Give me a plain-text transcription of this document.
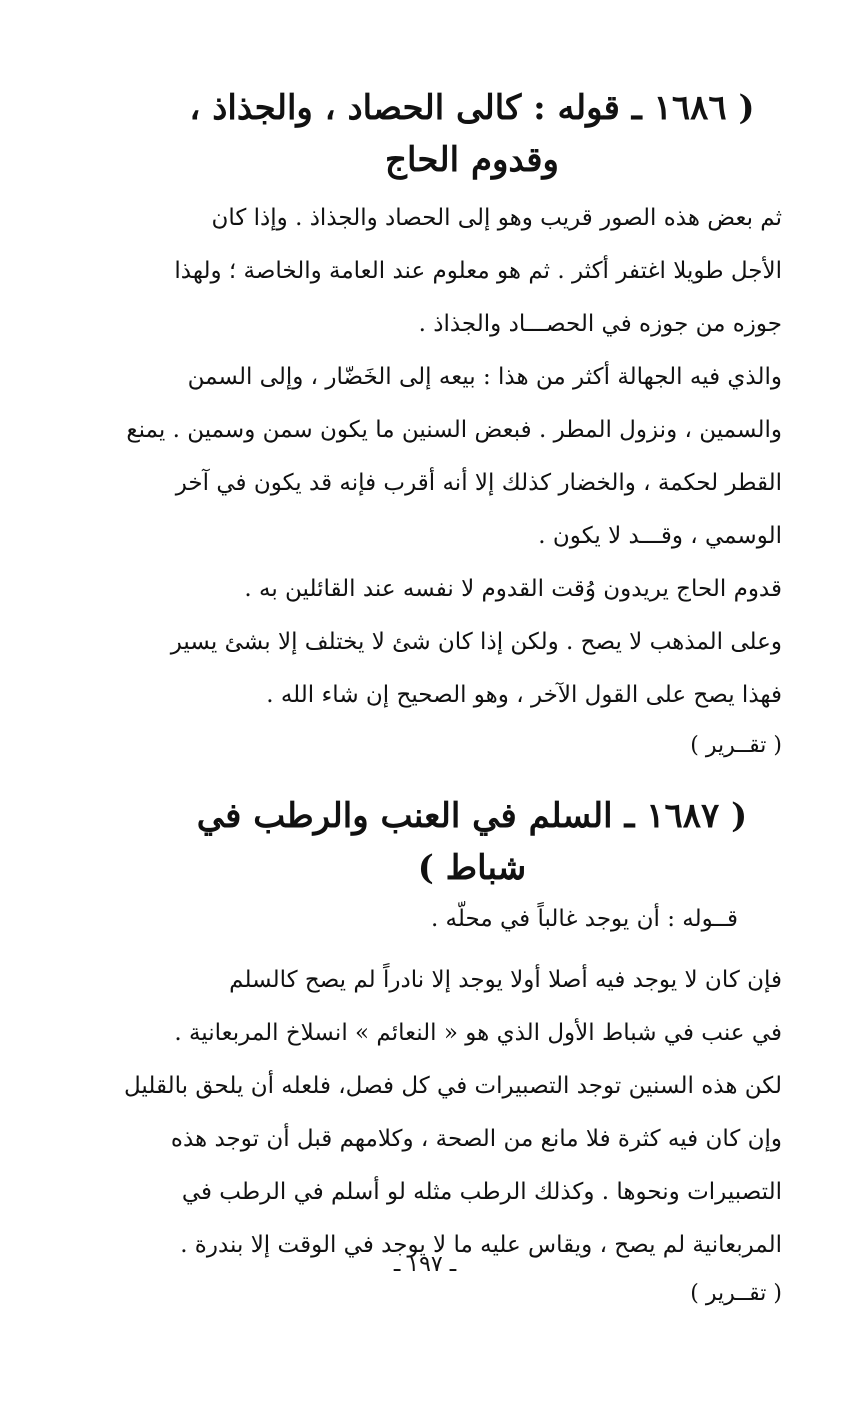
( ١٦٨٦ ـ قوله : كالى الحصاد ، والجذاذ ،
وقدوم الحاج

ثم بعض هذه الصور قريب وهو إلى الحصاد والجذاذ . وإذا كان
الأجل طويلا اغتفر أكثر . ثم هو معلوم عند العامة والخاصة ؛ ولهذا
جوزه من جوزه في الحصـــاد والجذاذ .

والذي فيه الجهالة أكثر من هذا : بيعه إلى الخَضّار ، وإلى السمن
والسمين ، ونزول المطر . فبعض السنين ما يكون سمن وسمين . يمنع
القطر لحكمة ، والخضار كذلك إلا أنه أقرب فإنه قد يكون في آخر
الوسمي ، وقـــد لا يكون .

قدوم الحاج يريدون وُقت القدوم لا نفسه عند القائلين به .
وعلى المذهب لا يصح . ولكن إذا كان شئ لا يختلف إلا بشئ يسير
فهذا يصح على القول الآخر ، وهو الصحيح إن شاء الله .

( تقــرير )

( ١٦٨٧ ـ السلم في العنب والرطب في شباط )

قــوله : أن يوجد غالباً في محلّه .

فإن كان لا يوجد فيه أصلا أولا يوجد إلا نادراً لم يصح كالسلم
في عنب في شباط الأول الذي هو « النعائم » انسلاخ المربعانية .
لكن هذه السنين توجد التصبيرات في كل فصل، فلعله أن يلحق بالقليل
وإن كان فيه كثرة فلا مانع من الصحة ، وكلامهم قبل أن توجد هذه
التصبيرات ونحوها . وكذلك الرطب مثله لو أسلم في الرطب في
المربعانية لم يصح ، ويقاس عليه ما لا يوجد في الوقت إلا بندرة .

( تقــرير )

ـ ١٩٧ ـ
